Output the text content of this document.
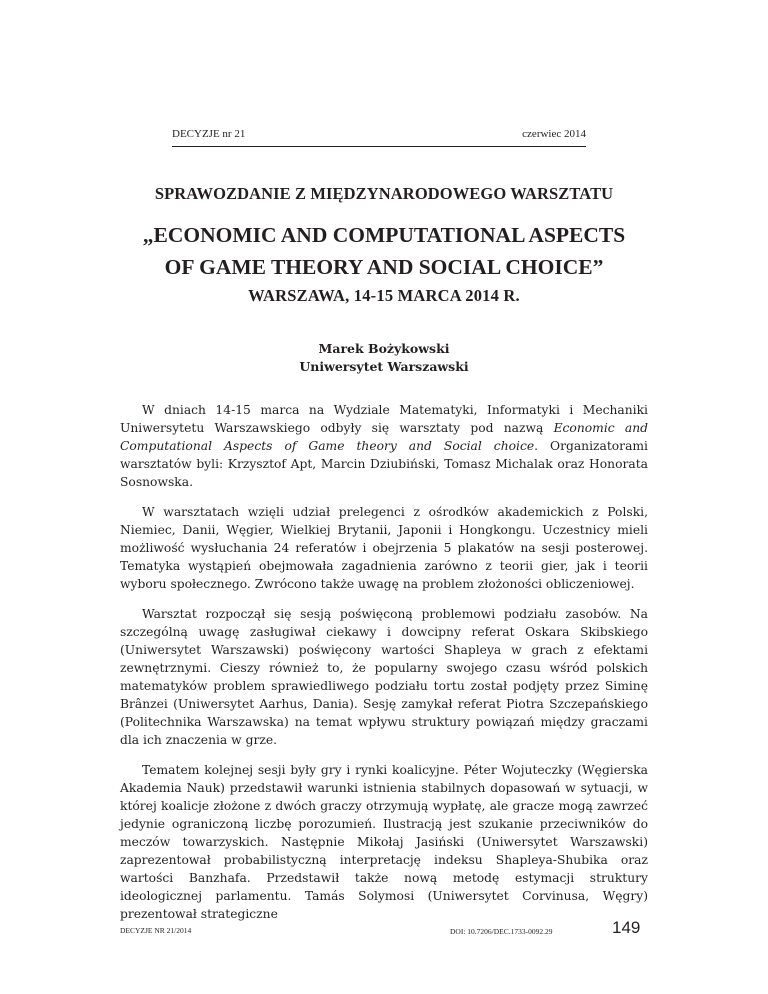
DECYZJE nr 21	czerwiec 2014
SPRAWOZDANIE Z MIĘDZYNARODOWEGO WARSZTATU
„ECONOMIC AND COMPUTATIONAL ASPECTS
OF GAME THEORY AND SOCIAL CHOICE”
WARSZAWA, 14-15 MARCA 2014 R.
Marek Bożykowski
Uniwersytet Warszawski

W dniach 14-15 marca na Wydziale Matematyki, Informatyki i Mechaniki Uniwersytetu Warszawskiego odbyły się warsztaty pod nazwą Economic and Computational Aspects of Game theory and Social choice. Organizatorami warsztatów byli: Krzysztof Apt, Marcin Dziubiński, Tomasz Michalak oraz Honorata Sosnowska.

W warsztatach wzięli udział prelegenci z ośrodków akademickich z Polski, Niemiec, Danii, Węgier, Wielkiej Brytanii, Japonii i Hongkongu. Uczestnicy mieli możliwość wysłuchania 24 referatów i obejrzenia 5 plakatów na sesji posterowej. Tematyka wystąpień obejmowała zagadnienia zarówno z teorii gier, jak i teorii wyboru społecznego. Zwrócono także uwagę na problem złożoności obliczeniowej.

Warsztat rozpoczął się sesją poświęconą problemowi podziału zasobów. Na szczególną uwagę zasługiwał ciekawy i dowcipny referat Oskara Skibskiego (Uniwersytet Warszawski) poświęcony wartości Shapleya w grach z efektami zewnętrznymi. Cieszy również to, że popularny swojego czasu wśród polskich matematyków problem sprawiedliwego podziału tortu został podjęty przez Siminę Brânzei (Uniwersytet Aarhus, Dania). Sesję zamykał referat Piotra Szczepańskiego (Politechnika Warszawska) na temat wpływu struktury powiązań między graczami dla ich znaczenia w grze.

Tematem kolejnej sesji były gry i rynki koalicyjne. Péter Wojuteczky (Węgierska Akademia Nauk) przedstawił warunki istnienia stabilnych dopasowań w sytuacji, w której koalicje złożone z dwóch graczy otrzymują wypłatę, ale gracze mogą zawrzeć jedynie ograniczoną liczbę porozumień. Ilustracją jest szukanie przeciwników do meczów towarzyskich. Następnie Mikołaj Jasiński (Uniwersytet Warszawski) zaprezentował probabilistyczną interpretację indeksu Shapleya-Shubika oraz wartości Banzhafa. Przedstawił także nową metodę estymacji struktury ideologicznej parlamentu. Tamás Solymosi (Uniwersytet Corvinusa, Węgry) prezentował strategiczne

DECYZJE NR 21/2014	DOI: 10.7206/DEC.1733-0092.29	149
